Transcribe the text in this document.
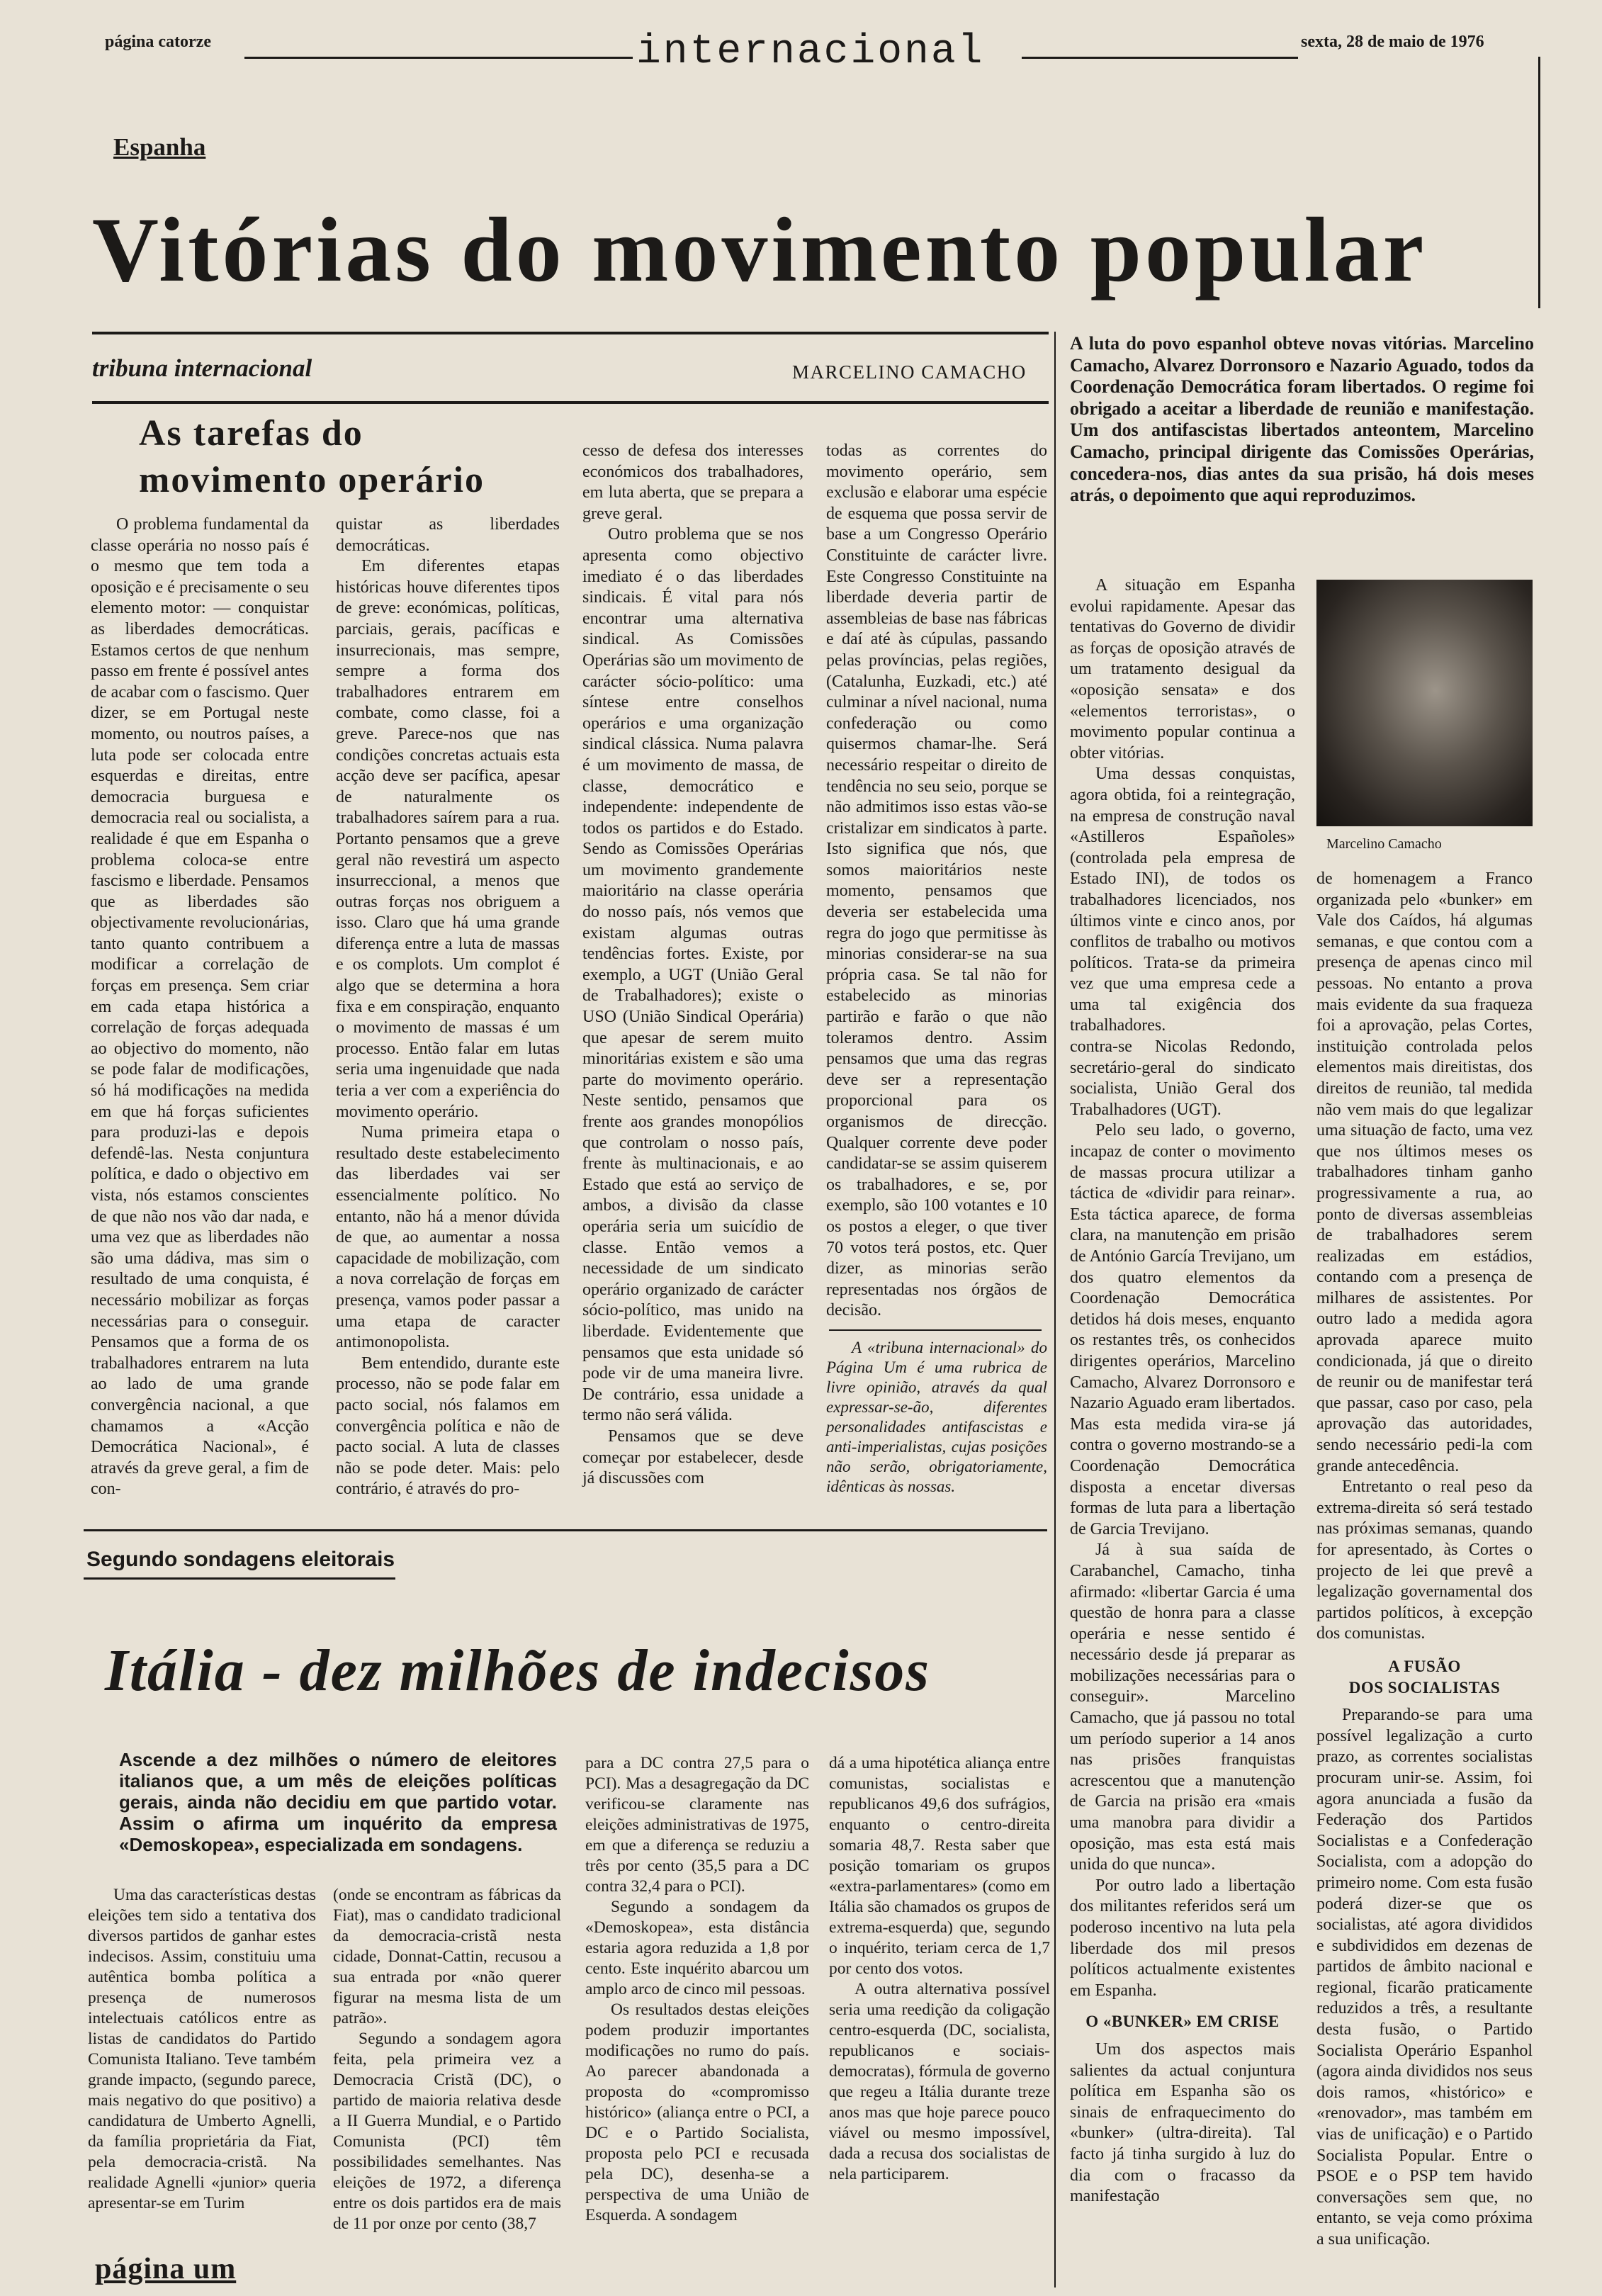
página catorze	internacional	sexta, 28 de maio de 1976
Espanha
Vitórias do movimento popular
tribuna internacional	MARCELINO CAMACHO
As tarefas do
movimento operário

O problema fundamental da classe operária no nosso país é o mesmo que tem toda a oposição e é precisamente o seu elemento motor: — conquistar as liberdades democráticas. Estamos certos de que nenhum passo em frente é possível antes de acabar com o fascismo. Quer dizer, se em Portugal neste momento, ou noutros países, a luta pode ser colocada entre esquerdas e direitas, entre democracia burguesa e democracia real ou socialista, a realidade é que em Espanha o problema coloca-se entre fascismo e liberdade. Pensamos que as liberdades são objectivamente revolucionárias, tanto quanto contribuem a modificar a correlação de forças em presença. Sem criar em cada etapa histórica a correlação de forças adequada ao objectivo do momento, não se pode falar de modificações, só há modificações na medida em que há forças suficientes para produzi-las e depois defendê-las. Nesta conjuntura política, e dado o objectivo em vista, nós estamos conscientes de que não nos vão dar nada, e uma vez que as liberdades não são uma dádiva, mas sim o resultado de uma conquista, é necessário mobilizar as forças necessárias para o conseguir. Pensamos que a forma de os trabalhadores entrarem na luta ao lado de uma grande convergência nacional, a que chamamos a «Acção Democrática Nacional», é através da greve geral, a fim de con-

quistar as liberdades democráticas.

Em diferentes etapas históricas houve diferentes tipos de greve: económicas, políticas, parciais, gerais, pacíficas e insurrecionais, mas sempre, sempre a forma dos trabalhadores entrarem em combate, como classe, foi a greve. Parece-nos que nas condições concretas actuais esta acção deve ser pacífica, apesar de naturalmente os trabalhadores saírem para a rua. Portanto pensamos que a greve geral não revestirá um aspecto insurreccional, a menos que outras forças nos obriguem a isso. Claro que há uma grande diferença entre a luta de massas e os complots. Um complot é algo que se determina a hora fixa e em conspiração, enquanto o movimento de massas é um processo. Então falar em lutas seria uma ingenuidade que nada teria a ver com a experiência do movimento operário.

Numa primeira etapa o resultado deste estabelecimento das liberdades vai ser essencialmente político. No entanto, não há a menor dúvida de que, ao aumentar a nossa capacidade de mobilização, com a nova correlação de forças em presença, vamos poder passar a uma etapa de caracter antimonopolista.

Bem entendido, durante este processo, não se pode falar em pacto social, nós falamos em convergência política e não de pacto social. A luta de classes não se pode deter. Mais: pelo contrário, é através do pro-

cesso de defesa dos interesses económicos dos trabalhadores, em luta aberta, que se prepara a greve geral.

Outro problema que se nos apresenta como objectivo imediato é o das liberdades sindicais. É vital para nós encontrar uma alternativa sindical. As Comissões Operárias são um movimento de carácter sócio-político: uma síntese entre conselhos operários e uma organização sindical clássica. Numa palavra é um movimento de massa, de classe, democrático e independente: independente de todos os partidos e do Estado. Sendo as Comissões Operárias um movimento grandemente maioritário na classe operária do nosso país, nós vemos que existam algumas outras tendências fortes. Existe, por exemplo, a UGT (União Geral de Trabalhadores); existe o USO (União Sindical Operária) que apesar de serem muito minoritárias existem e são uma parte do movimento operário. Neste sentido, pensamos que frente aos grandes monopólios que controlam o nosso país, frente às multinacionais, e ao Estado que está ao serviço de ambos, a divisão da classe operária seria um suicídio de classe. Então vemos a necessidade de um sindicato operário organizado de carácter sócio-político, mas unido na liberdade. Evidentemente que pensamos que esta unidade só pode vir de uma maneira livre. De contrário, essa unidade a termo não será válida.

Pensamos que se deve começar por estabelecer, desde já discussões com

todas as correntes do movimento operário, sem exclusão e elaborar uma espécie de esquema que possa servir de base a um Congresso Operário Constituinte de carácter livre. Este Congresso Constituinte na liberdade deveria partir de assembleias de base nas fábricas e daí até às cúpulas, passando pelas províncias, pelas regiões, (Catalunha, Euzkadi, etc.) até culminar a nível nacional, numa confederação ou como quisermos chamar-lhe. Será necessário respeitar o direito de tendência no seu seio, porque se não admitimos isso estas vão-se cristalizar em sindicatos à parte. Isto significa que nós, que somos maioritários neste momento, pensamos que deveria ser estabelecida uma regra do jogo que permitisse às minorias considerar-se na sua própria casa. Se tal não for estabelecido as minorias partirão e farão o que não toleramos dentro. Assim pensamos que uma das regras deve ser a representação proporcional para os organismos de direcção. Qualquer corrente deve poder candidatar-se se assim quiserem os trabalhadores, e se, por exemplo, são 100 votantes e 10 os postos a eleger, o que tiver 70 votos terá postos, etc. Quer dizer, as minorias serão representadas nos órgãos de decisão.

A «tribuna internacional» do Página Um é uma rubrica de livre opinião, através da qual expressar-se-ão, diferentes personalidades antifascistas e anti-imperialistas, cujas posições não serão, obrigatoriamente, idênticas às nossas.

A luta do povo espanhol obteve novas vitórias. Marcelino Camacho, Alvarez Dorronsoro e Nazario Aguado, todos da Coordenação Democrática foram libertados. O regime foi obrigado a aceitar a liberdade de reunião e manifestação. Um dos antifascistas libertados anteontem, Marcelino Camacho, principal dirigente das Comissões Operárias, concedera-nos, dias antes da sua prisão, há dois meses atrás, o depoimento que aqui reproduzimos.

A situação em Espanha evolui rapidamente. Apesar das tentativas do Governo de dividir as forças de oposição através de um tratamento desigual da «oposição sensata» e dos «elementos terroristas», o movimento popular continua a obter vitórias.

Uma dessas conquistas, agora obtida, foi a reintegração, na empresa de construção naval «Astilleros Españoles» (controlada pela empresa de Estado INI), de todos os trabalhadores licenciados, nos últimos vinte e cinco anos, por conflitos de trabalho ou motivos políticos. Trata-se da primeira vez que uma empresa cede a uma tal exigência dos trabalhadores.

contra-se Nicolas Redondo, secretário-geral do sindicato socialista, União Geral dos Trabalhadores (UGT).

Pelo seu lado, o governo, incapaz de conter o movimento de massas procura utilizar a táctica de «dividir para reinar». Esta táctica aparece, de forma clara, na manutenção em prisão de António García Trevijano, um dos quatro elementos da Coordenação Democrática detidos há dois meses, enquanto os restantes três, os conhecidos dirigentes operários, Marcelino Camacho, Alvarez Dorronsoro e Nazario Aguado eram libertados. Mas esta medida vira-se já contra o governo mostrando-se a Coordenação Democrática disposta a encetar diversas formas de luta para a libertação de Garcia Trevijano.

Já à sua saída de Carabanchel, Camacho, tinha afirmado: «libertar Garcia é uma questão de honra para a classe operária e nesse sentido é necessário desde já preparar as mobilizações necessárias para o conseguir». Marcelino Camacho, que já passou no total um período superior a 14 anos nas prisões franquistas acrescentou que a manutenção de Garcia na prisão era «mais uma manobra para dividir a oposição, mas esta está mais unida do que nunca».

Por outro lado a libertação dos militantes referidos será um poderoso incentivo na luta pela liberdade dos mil presos políticos actualmente existentes em Espanha.

O «BUNKER» EM CRISE

Um dos aspectos mais salientes da actual conjuntura política em Espanha são os sinais de enfraquecimento do «bunker» (ultra-direita). Tal facto já tinha surgido à luz do dia com o fracasso da manifestação

Marcelino Camacho

de homenagem a Franco organizada pelo «bunker» em Vale dos Caídos, há algumas semanas, e que contou com a presença de apenas cinco mil pessoas. No entanto a prova mais evidente da sua fraqueza foi a aprovação, pelas Cortes, instituição controlada pelos elementos mais direitistas, dos direitos de reunião, tal medida não vem mais do que legalizar uma situação de facto, uma vez que nos últimos meses os trabalhadores tinham ganho progressivamente a rua, ao ponto de diversas assembleias de trabalhadores serem realizadas em estádios, contando com a presença de milhares de assistentes. Por outro lado a medida agora aprovada aparece muito condicionada, já que o direito de reunir ou de manifestar terá que passar, caso por caso, pela aprovação das autoridades, sendo necessário pedi-la com grande antecedência.

Entretanto o real peso da extrema-direita só será testado nas próximas semanas, quando for apresentado, às Cortes o projecto de lei que prevê a legalização governamental dos partidos políticos, à excepção dos comunistas.

A FUSÃO
DOS SOCIALISTAS

Preparando-se para uma possível legalização a curto prazo, as correntes socialistas procuram unir-se. Assim, foi agora anunciada a fusão da Federação dos Partidos Socialistas e a Confederação Socialista, com a adopção do primeiro nome. Com esta fusão poderá dizer-se que os socialistas, até agora divididos e subdivididos em dezenas de partidos de âmbito nacional e regional, ficarão praticamente reduzidos a três, a resultante desta fusão, o Partido Socialista Operário Espanhol (agora ainda divididos nos seus dois ramos, «histórico» e «renovador», mas também em vias de unificação) e o Partido Socialista Popular. Entre o PSOE e o PSP tem havido conversações sem que, no entanto, se veja como próxima a sua unificação.

Segundo sondagens eleitorais
Itália - dez milhões de indecisos
Ascende a dez milhões o número de eleitores italianos que, a um mês de eleições políticas gerais, ainda não decidiu em que partido votar. Assim o afirma um inquérito da empresa «Demoskopea», especializada em sondagens.

Uma das características destas eleições tem sido a tentativa dos diversos partidos de ganhar estes indecisos. Assim, constituiu uma autêntica bomba política a presença de numerosos intelectuais católicos entre as listas de candidatos do Partido Comunista Italiano. Teve também grande impacto, (segundo parece, mais negativo do que positivo) a candidatura de Umberto Agnelli, da família proprietária da Fiat, pela democracia-cristã. Na realidade Agnelli «junior» queria apresentar-se em Turim

(onde se encontram as fábricas da Fiat), mas o candidato tradicional da democracia-cristã nesta cidade, Donnat-Cattin, recusou a sua entrada por «não querer figurar na mesma lista de um patrão».

Segundo a sondagem agora feita, pela primeira vez a Democracia Cristã (DC), o partido de maioria relativa desde a II Guerra Mundial, e o Partido Comunista (PCI) têm possibilidades semelhantes. Nas eleições de 1972, a diferença entre os dois partidos era de mais de 11 por onze por cento (38,7

para a DC contra 27,5 para o PCI). Mas a desagregação da DC verificou-se claramente nas eleições administrativas de 1975, em que a diferença se reduziu a três por cento (35,5 para a DC contra 32,4 para o PCI).

Segundo a sondagem da «Demoskopea», esta distância estaria agora reduzida a 1,8 por cento. Este inquérito abarcou um amplo arco de cinco mil pessoas.

Os resultados destas eleições podem produzir importantes modificações no rumo do país. Ao parecer abandonada a proposta do «compromisso histórico» (aliança entre o PCI, a DC e o Partido Socialista, proposta pelo PCI e recusada pela DC), desenha-se a perspectiva de uma União de Esquerda. A sondagem

dá a uma hipotética aliança entre comunistas, socialistas e republicanos 49,6 dos sufrágios, enquanto o centro-direita somaria 48,7. Resta saber que posição tomariam os grupos «extra-parlamentares» (como em Itália são chamados os grupos de extrema-esquerda) que, segundo o inquérito, teriam cerca de 1,7 por cento dos votos.

A outra alternativa possível seria uma reedição da coligação centro-esquerda (DC, socialista, republicanos e sociais-democratas), fórmula de governo que regeu a Itália durante treze anos mas que hoje parece pouco viável ou mesmo impossível, dada a recusa dos socialistas de nela participarem.

página um
